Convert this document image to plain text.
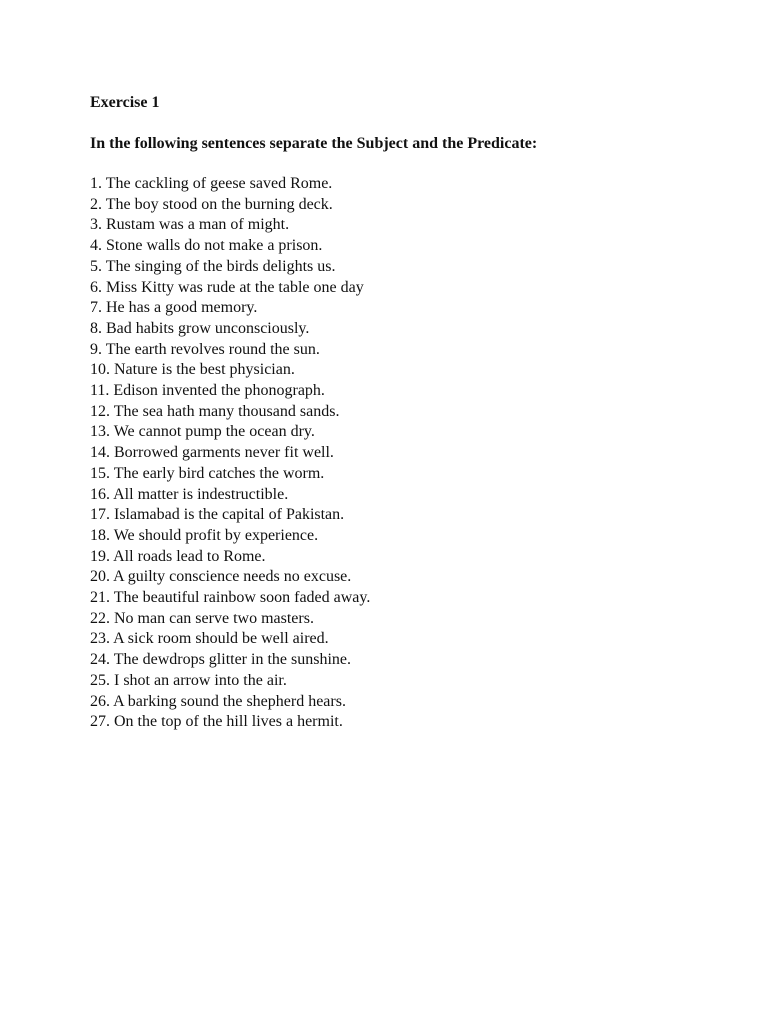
Exercise 1

In the following sentences separate the Subject and the Predicate:

1. The cackling of geese saved Rome.
2. The boy stood on the burning deck.
3. Rustam was a man of might.
4. Stone walls do not make a prison.
5. The singing of the birds delights us.
6. Miss Kitty was rude at the table one day
7. He has a good memory.
8. Bad habits grow unconsciously.
9. The earth revolves round the sun.
10. Nature is the best physician.
11. Edison invented the phonograph.
12. The sea hath many thousand sands.
13. We cannot pump the ocean dry.
14. Borrowed garments never fit well.
15. The early bird catches the worm.
16. All matter is indestructible.
17. Islamabad is the capital of Pakistan.
18. We should profit by experience.
19. All roads lead to Rome.
20. A guilty conscience needs no excuse.
21. The beautiful rainbow soon faded away.
22. No man can serve two masters.
23. A sick room should be well aired.
24. The dewdrops glitter in the sunshine.
25. I shot an arrow into the air.
26. A barking sound the shepherd hears.
27. On the top of the hill lives a hermit.
